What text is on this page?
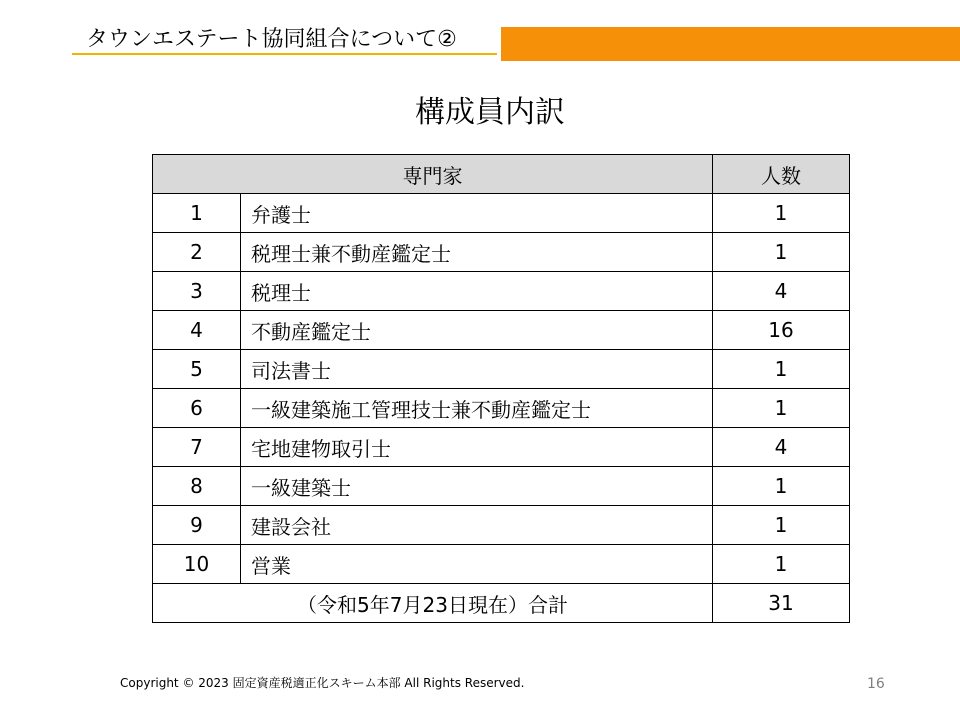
タウンエステート協同組合について②
構成員内訳
専門家		人数
1	弁護士	1
2	税理士兼不動産鑑定士	1
3	税理士	4
4	不動産鑑定士	16
5	司法書士	1
6	一級建築施工管理技士兼不動産鑑定士	1
7	宅地建物取引士	4
8	一級建築士	1
9	建設会社	1
10	営業	1
（令和5年7月23日現在）合計		31
Copyright © 2023 固定資産税適正化スキーム本部 All Rights Reserved.	16
